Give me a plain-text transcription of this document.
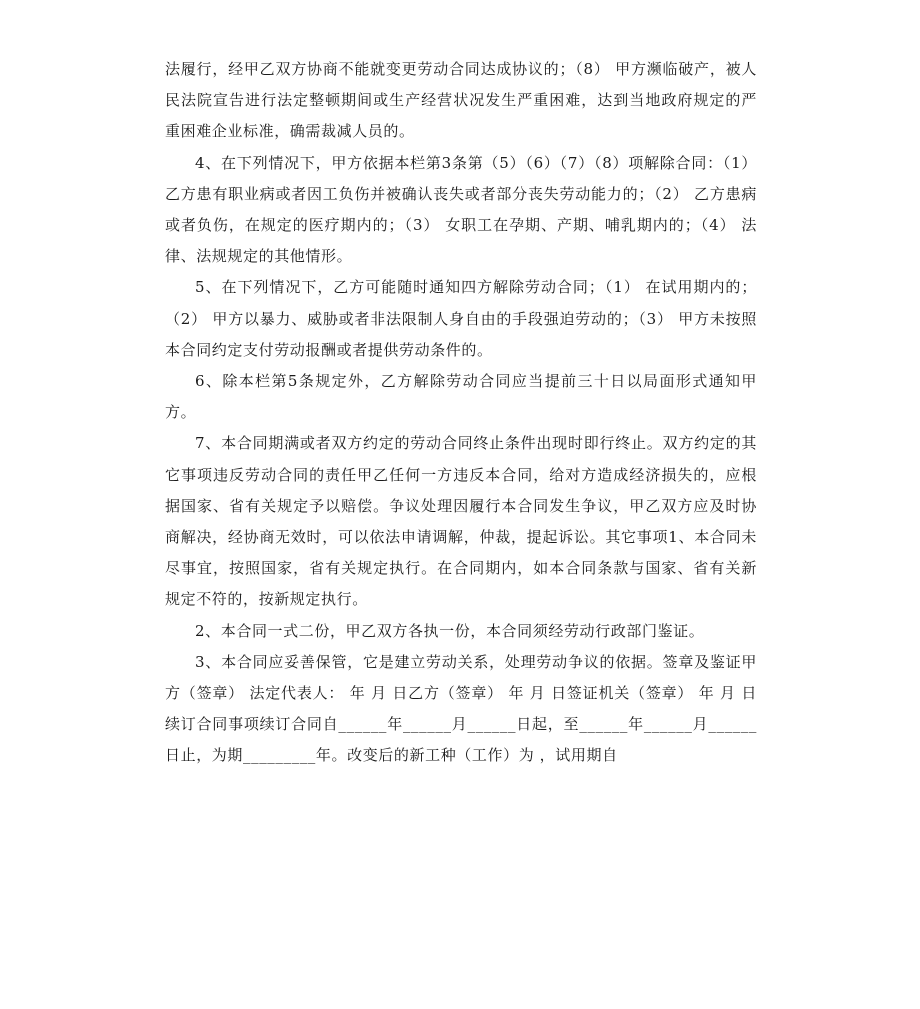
法履行，经甲乙双方协商不能就变更劳动合同达成协议的；（8） 甲方濒临破产，被人民法院宣告进行法定整顿期间或生产经营状况发生严重困难，达到当地政府规定的严重困难企业标准，确需裁减人员的。

4、在下列情况下，甲方依据本栏第3条第（5）（6）（7）（8）项解除合同：（1） 乙方患有职业病或者因工负伤并被确认丧失或者部分丧失劳动能力的；（2） 乙方患病或者负伤，在规定的医疗期内的；（3） 女职工在孕期、产期、哺乳期内的；（4） 法律、法规规定的其他情形。

5、在下列情况下，乙方可能随时通知四方解除劳动合同；（1） 在试用期内的；（2） 甲方以暴力、威胁或者非法限制人身自由的手段强迫劳动的；（3） 甲方未按照本合同约定支付劳动报酬或者提供劳动条件的。

6、除本栏第5条规定外，乙方解除劳动合同应当提前三十日以局面形式通知甲方。

7、本合同期满或者双方约定的劳动合同终止条件出现时即行终止。双方约定的其它事项违反劳动合同的责任甲乙任何一方违反本合同，给对方造成经济损失的，应根据国家、省有关规定予以赔偿。争议处理因履行本合同发生争议，甲乙双方应及时协商解决，经协商无效时，可以依法申请调解，仲裁，提起诉讼。其它事项1、本合同未尽事宜，按照国家，省有关规定执行。在合同期内，如本合同条款与国家、省有关新规定不符的，按新规定执行。

2、本合同一式二份，甲乙双方各执一份，本合同须经劳动行政部门鉴证。

3、本合同应妥善保管，它是建立劳动关系，处理劳动争议的依据。签章及鉴证甲方（签章） 法定代表人： 年 月 日乙方（签章） 年 月 日签证机关（签章） 年 月 日续订合同事项续订合同自______年______月______日起，至______年______月______日止，为期_________年。改变后的新工种（工作）为 ，试用期自
